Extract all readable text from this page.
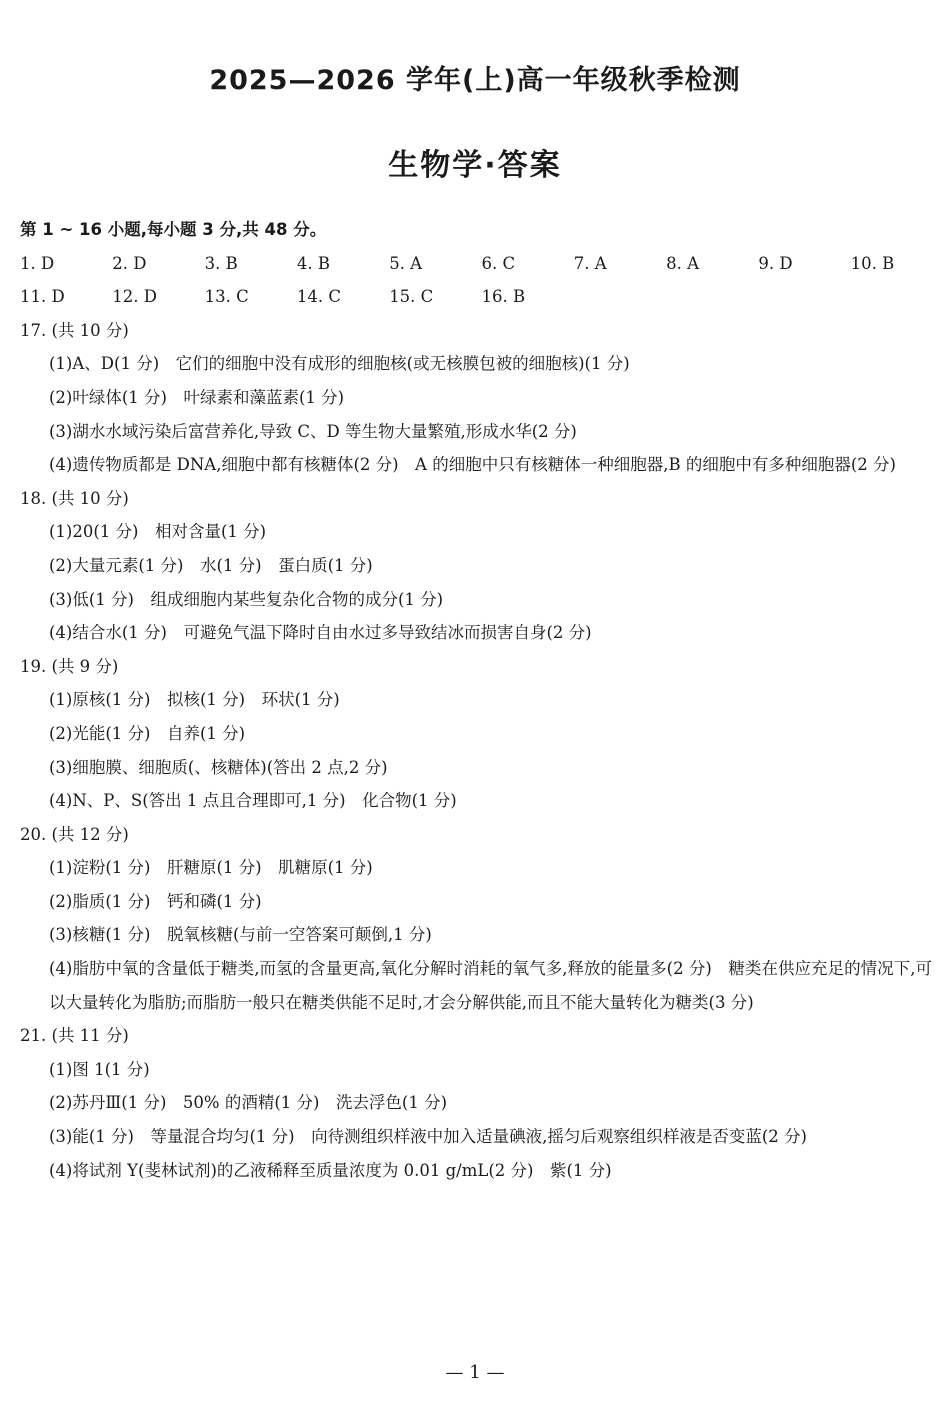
2025—2026 学年(上)高一年级秋季检测
生物学·答案
第 1 ~ 16 小题,每小题 3 分,共 48 分。
1. D	2. D	3. B	4. B	5. A	6. C	7. A	8. A	9. D	10. B
11. D	12. D	13. C	14. C	15. C	16. B
17. (共 10 分)
(1)A、D(1 分)　它们的细胞中没有成形的细胞核(或无核膜包被的细胞核)(1 分)
(2)叶绿体(1 分)　叶绿素和藻蓝素(1 分)
(3)湖水水域污染后富营养化,导致 C、D 等生物大量繁殖,形成水华(2 分)
(4)遗传物质都是 DNA,细胞中都有核糖体(2 分)　A 的细胞中只有核糖体一种细胞器,B 的细胞中有多种细胞器(2 分)
18. (共 10 分)
(1)20(1 分)　相对含量(1 分)
(2)大量元素(1 分)　水(1 分)　蛋白质(1 分)
(3)低(1 分)　组成细胞内某些复杂化合物的成分(1 分)
(4)结合水(1 分)　可避免气温下降时自由水过多导致结冰而损害自身(2 分)
19. (共 9 分)
(1)原核(1 分)　拟核(1 分)　环状(1 分)
(2)光能(1 分)　自养(1 分)
(3)细胞膜、细胞质(、核糖体)(答出 2 点,2 分)
(4)N、P、S(答出 1 点且合理即可,1 分)　化合物(1 分)
20. (共 12 分)
(1)淀粉(1 分)　肝糖原(1 分)　肌糖原(1 分)
(2)脂质(1 分)　钙和磷(1 分)
(3)核糖(1 分)　脱氧核糖(与前一空答案可颠倒,1 分)
(4)脂肪中氧的含量低于糖类,而氢的含量更高,氧化分解时消耗的氧气多,释放的能量多(2 分)　糖类在供应充足的情况下,可以大量转化为脂肪;而脂肪一般只在糖类供能不足时,才会分解供能,而且不能大量转化为糖类(3 分)
21. (共 11 分)
(1)图 1(1 分)
(2)苏丹Ⅲ(1 分)　50% 的酒精(1 分)　洗去浮色(1 分)
(3)能(1 分)　等量混合均匀(1 分)　向待测组织样液中加入适量碘液,摇匀后观察组织样液是否变蓝(2 分)
(4)将试剂 Y(斐林试剂)的乙液稀释至质量浓度为 0.01 g/mL(2 分)　紫(1 分)
— 1 —
